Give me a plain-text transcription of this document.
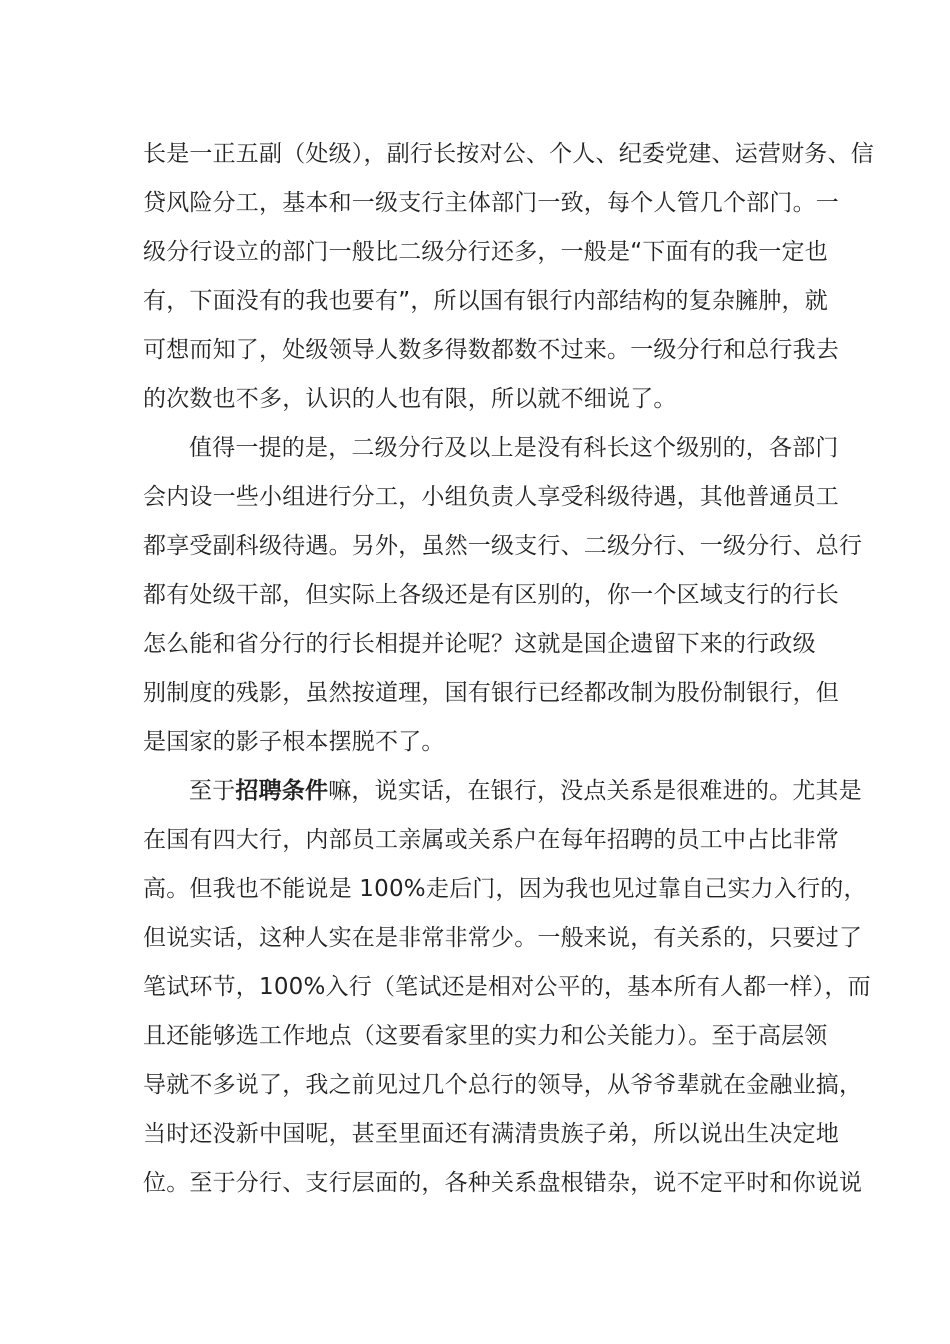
长是一正五副（处级），副行长按对公、个人、纪委党建、运营财务、信
贷风险分工，基本和一级支行主体部门一致，每个人管几个部门。一
级分行设立的部门一般比二级分行还多，一般是“下面有的我一定也
有，下面没有的我也要有”，所以国有银行内部结构的复杂臃肿，就
可想而知了，处级领导人数多得数都数不过来。一级分行和总行我去
的次数也不多，认识的人也有限，所以就不细说了。
值得一提的是，二级分行及以上是没有科长这个级别的，各部门
会内设一些小组进行分工，小组负责人享受科级待遇，其他普通员工
都享受副科级待遇。另外，虽然一级支行、二级分行、一级分行、总行
都有处级干部，但实际上各级还是有区别的，你一个区域支行的行长
怎么能和省分行的行长相提并论呢？这就是国企遗留下来的行政级
别制度的残影，虽然按道理，国有银行已经都改制为股份制银行，但
是国家的影子根本摆脱不了。
至于招聘条件嘛，说实话，在银行，没点关系是很难进的。尤其是
在国有四大行，内部员工亲属或关系户在每年招聘的员工中占比非常
高。但我也不能说是 100%走后门，因为我也见过靠自己实力入行的，
但说实话，这种人实在是非常非常少。一般来说，有关系的，只要过了
笔试环节，100%入行（笔试还是相对公平的，基本所有人都一样），而
且还能够选工作地点（这要看家里的实力和公关能力）。至于高层领
导就不多说了，我之前见过几个总行的领导，从爷爷辈就在金融业搞，
当时还没新中国呢，甚至里面还有满清贵族子弟，所以说出生决定地
位。至于分行、支行层面的，各种关系盘根错杂，说不定平时和你说说
